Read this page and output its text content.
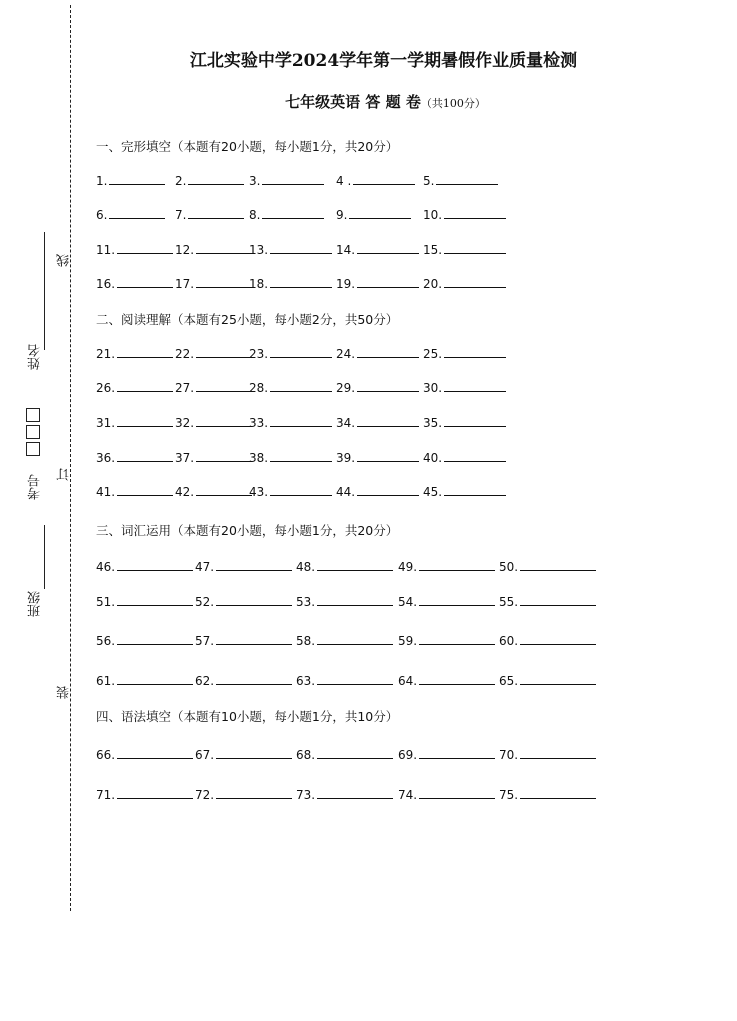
线
姓名
考号 订
班级
装
江北实验中学2024学年第一学期暑假作业质量检测
七年级英语 答 题 卷（共100分）
一、完形填空（本题有20小题，每小题1分，共20分）
二、阅读理解（本题有25小题，每小题2分，共50分）
三、词汇运用（本题有20小题，每小题1分，共20分）
四、语法填空（本题有10小题，每小题1分，共10分）
1.	2.	3.	4 .	5.
6.	7.	8.	9.	10.
11.	12.	13.	14.	15.
16.	17.	18.	19.	20.
21.	22.	23.	24.	25.
26.	27.	28.	29.	30.
31.	32.	33.	34.	35.
36.	37.	38.	39.	40.
41.	42.	43.	44.	45.
46.	47.	48.	49.	50.
51.	52.	53.	54.	55.
56.	57.	58.	59.	60.
61.	62.	63.	64.	65.
66.	67.	68.	69.	70.
71.	72.	73.	74.	75.
